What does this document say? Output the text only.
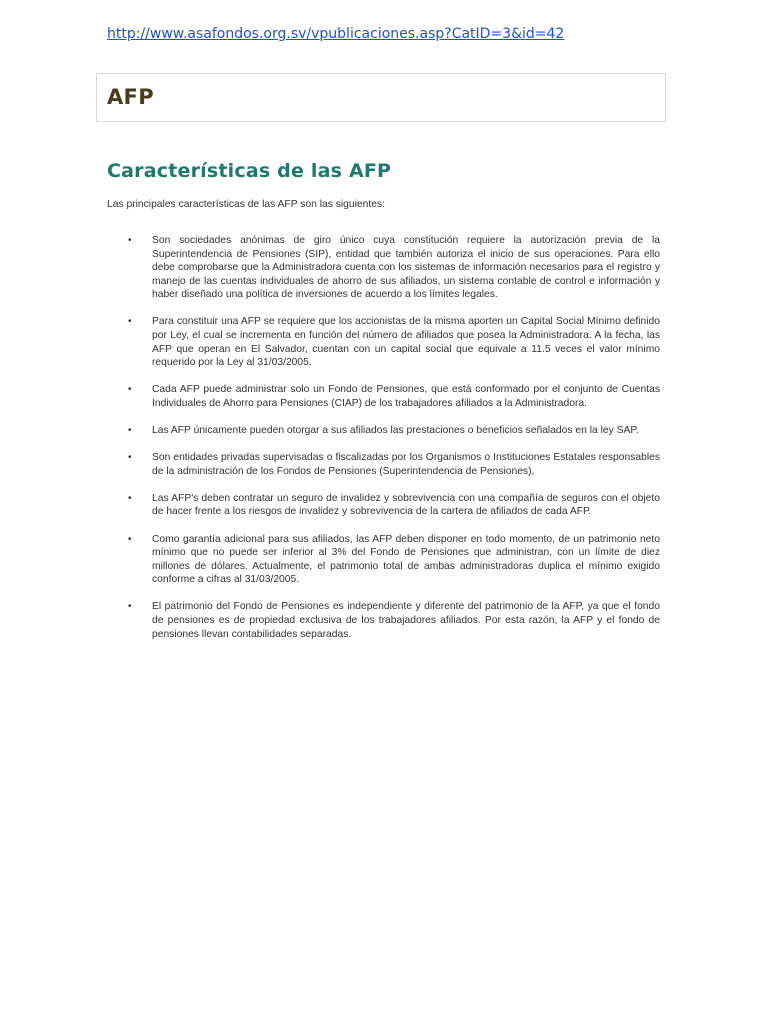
http://www.asafondos.org.sv/vpublicaciones.asp?CatID=3&id=42
AFP
Características de las AFP

Las principales características de las AFP son las siguientes:

• Son sociedades anónimas de giro único cuya constitución requiere la autorización previa de la Superintendencia de Pensiones (SIP), entidad que también autoriza el inicio de sus operaciones. Para ello debe comprobarse que la Administradora cuenta con los sistemas de información necesarios para el registro y manejo de las cuentas individuales de ahorro de sus afiliados, un sistema contable de control e información y haber diseñado una política de inversiones de acuerdo a los límites legales.
• Para constituir una AFP se requiere que los accionistas de la misma aporten un Capital Social Mínimo definido por Ley, el cual se incrementa en función del número de afiliados que posea la Administradora. A la fecha, las AFP que operan en El Salvador, cuentan con un capital social que equivale a 11.5 veces el valor mínimo requerido por la Ley al 31/03/2005.
• Cada AFP puede administrar solo un Fondo de Pensiones, que está conformado por el conjunto de Cuentas Individuales de Ahorro para Pensiones (CIAP) de los trabajadores afiliados a la Administradora.
• Las AFP únicamente pueden otorgar a sus afiliados las prestaciones o beneficios señalados en la ley SAP.
• Son entidades privadas supervisadas o fiscalizadas por los Organismos o Instituciones Estatales responsables de la administración de los Fondos de Pensiones (Superintendencia de Pensiones),
• Las AFP's deben contratar un seguro de invalidez y sobrevivencia con una compañía de seguros con el objeto de hacer frente a los riesgos de invalidez y sobrevivencia de la cartera de afiliados de cada AFP.
• Como garantía adicional para sus afiliados, las AFP deben disponer en todo momento, de un patrimonio neto mínimo que no puede ser inferior al 3% del Fondo de Pensiones que administran, con un límite de diez millones de dólares. Actualmente, el patrimonio total de ambas administradoras duplica el mínimo exigido conforme a cifras al 31/03/2005.
• El patrimonio del Fondo de Pensiones es independiente y diferente del patrimonio de la AFP, ya que el fondo de pensiones es de propiedad exclusiva de los trabajadores afiliados. Por esta razón, la AFP y el fondo de pensiones llevan contabilidades separadas.
